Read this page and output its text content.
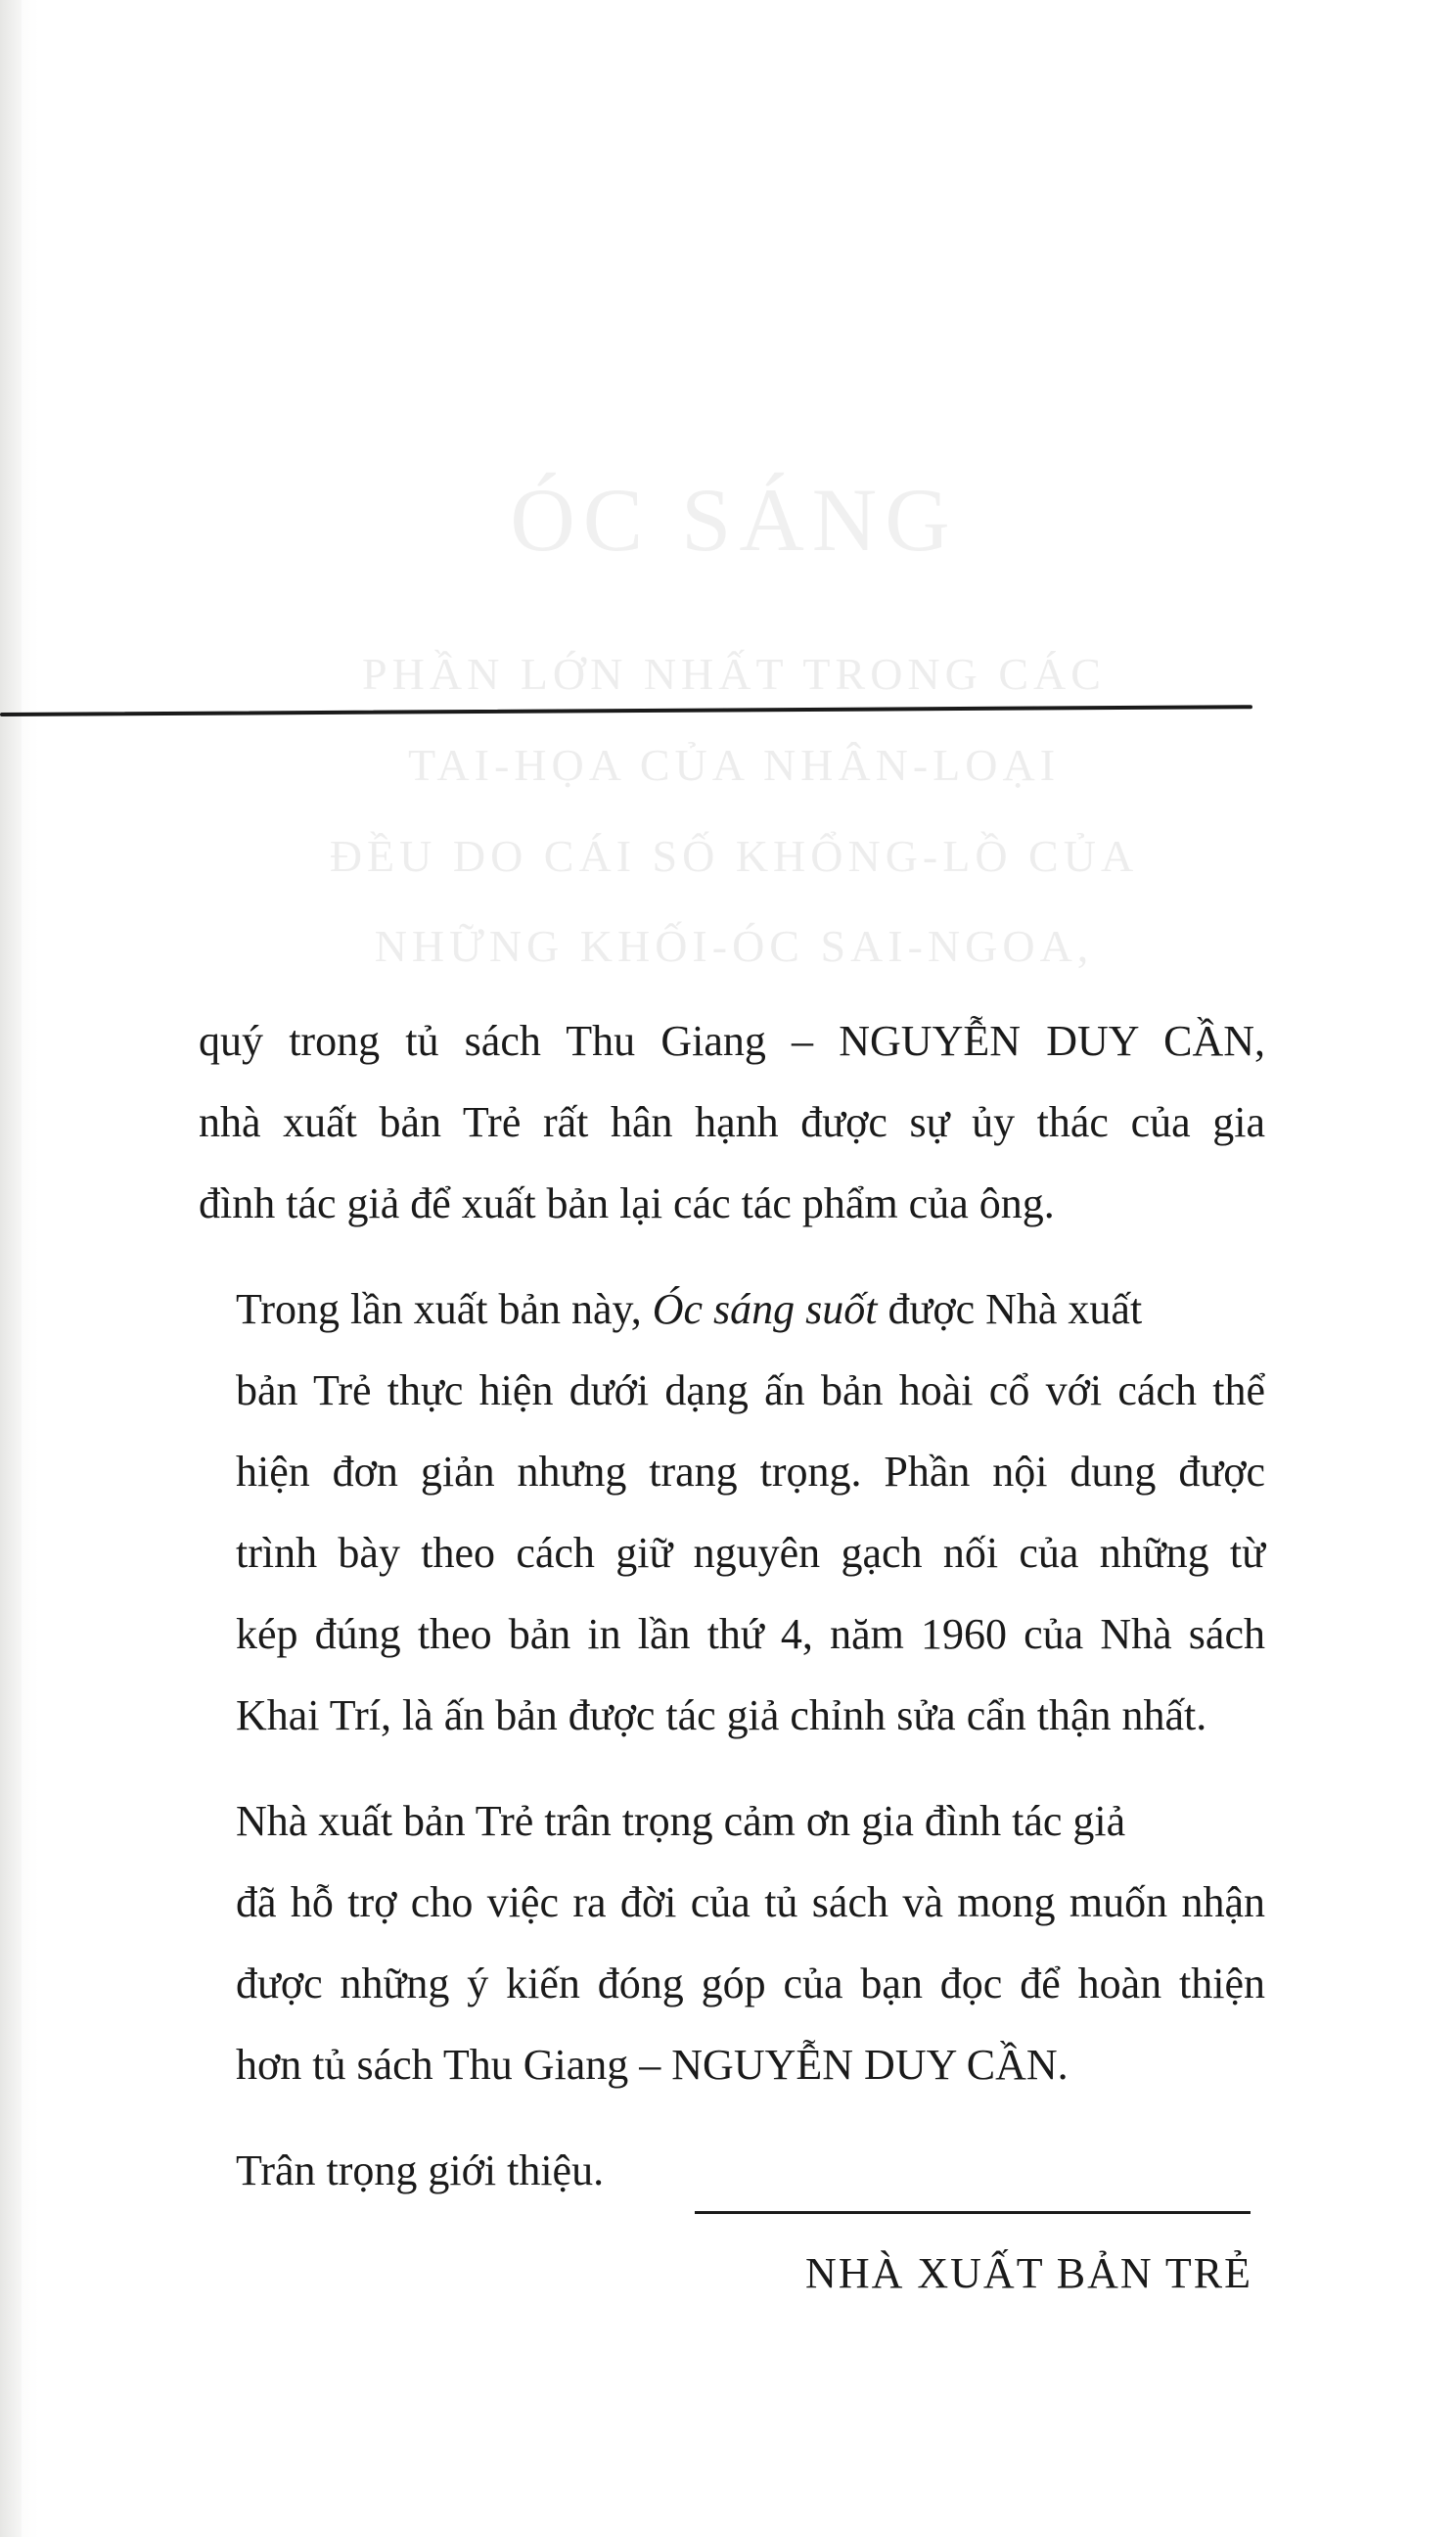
ÓC SÁNG
PHẦN LỚN NHẤT TRONG CÁC
TAI-HỌA CỦA NHÂN-LOẠI
ĐỀU DO CÁI SỐ KHỔNG-LỒ CỦA
NHỮNG KHỐI-ÓC SAI-NGOA,

quý trong tủ sách Thu Giang – NGUYỄN DUY CẦN,
nhà xuất bản Trẻ rất hân hạnh được sự ủy thác của gia
đình tác giả để xuất bản lại các tác phẩm của ông.

Trong lần xuất bản này, Óc sáng suốt được Nhà xuất
bản Trẻ thực hiện dưới dạng ấn bản hoài cổ với cách thể
hiện đơn giản nhưng trang trọng. Phần nội dung được
trình bày theo cách giữ nguyên gạch nối của những từ
kép đúng theo bản in lần thứ 4, năm 1960 của Nhà sách
Khai Trí, là ấn bản được tác giả chỉnh sửa cẩn thận nhất.

Nhà xuất bản Trẻ trân trọng cảm ơn gia đình tác giả
đã hỗ trợ cho việc ra đời của tủ sách và mong muốn nhận
được những ý kiến đóng góp của bạn đọc để hoàn thiện
hơn tủ sách Thu Giang – NGUYỄN DUY CẦN.

Trân trọng giới thiệu.

NHÀ XUẤT BẢN TRẺ
